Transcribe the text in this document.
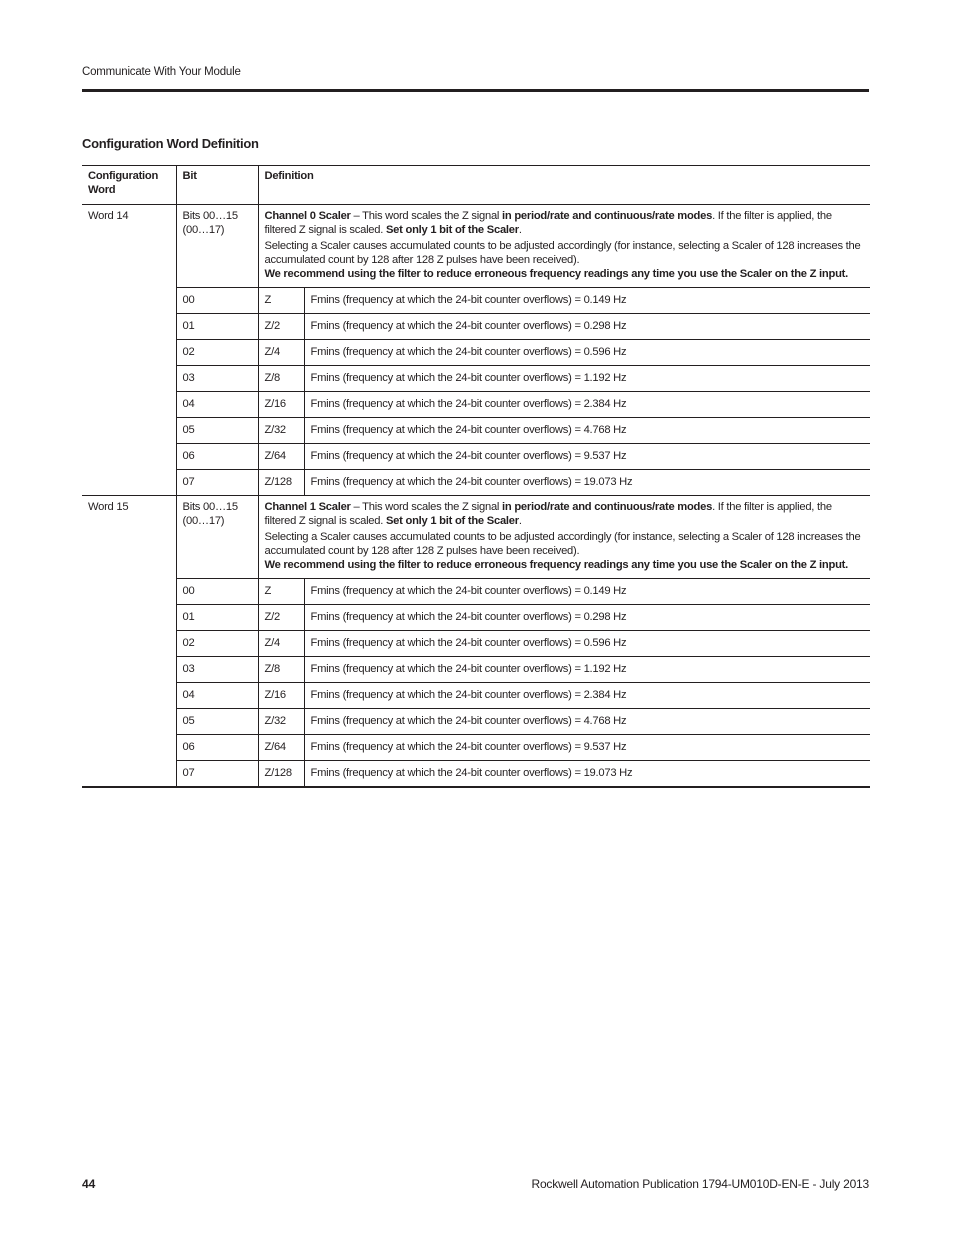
Communicate With Your Module
Configuration Word Definition
Configuration Word	Bit	Definition	
Word 14	Bits 00…15 (00…17)	Channel 0 Scaler – This word scales the Z signal in period/rate and continuous/rate modes. If the filter is applied, the filtered Z signal is scaled. Set only 1 bit of the Scaler.

Selecting a Scaler causes accumulated counts to be adjusted accordingly (for instance, selecting a Scaler of 128 increases the accumulated count by 128 after 128 Z pulses have been received).

We recommend using the filter to reduce erroneous frequency readings any time you use the Scaler on the Z input.	

	00	Z	Fmins (frequency at which the 24-bit counter overflows) = 0.149 Hz
	01	Z/2	Fmins (frequency at which the 24-bit counter overflows) = 0.298 Hz
	02	Z/4	Fmins (frequency at which the 24-bit counter overflows) = 0.596 Hz
	03	Z/8	Fmins (frequency at which the 24-bit counter overflows) = 1.192 Hz
	04	Z/16	Fmins (frequency at which the 24-bit counter overflows) = 2.384 Hz
	05	Z/32	Fmins (frequency at which the 24-bit counter overflows) = 4.768 Hz
	06	Z/64	Fmins (frequency at which the 24-bit counter overflows) = 9.537 Hz
	07	Z/128	Fmins (frequency at which the 24-bit counter overflows) = 19.073 Hz
Word 15	Bits 00…15 (00…17)	Channel 1 Scaler – This word scales the Z signal in period/rate and continuous/rate modes. If the filter is applied, the filtered Z signal is scaled. Set only 1 bit of the Scaler.

Selecting a Scaler causes accumulated counts to be adjusted accordingly (for instance, selecting a Scaler of 128 increases the accumulated count by 128 after 128 Z pulses have been received).

We recommend using the filter to reduce erroneous frequency readings any time you use the Scaler on the Z input.	

	00	Z	Fmins (frequency at which the 24-bit counter overflows) = 0.149 Hz
	01	Z/2	Fmins (frequency at which the 24-bit counter overflows) = 0.298 Hz
	02	Z/4	Fmins (frequency at which the 24-bit counter overflows) = 0.596 Hz
	03	Z/8	Fmins (frequency at which the 24-bit counter overflows) = 1.192 Hz
	04	Z/16	Fmins (frequency at which the 24-bit counter overflows) = 2.384 Hz
	05	Z/32	Fmins (frequency at which the 24-bit counter overflows) = 4.768 Hz
	06	Z/64	Fmins (frequency at which the 24-bit counter overflows) = 9.537 Hz
	07	Z/128	Fmins (frequency at which the 24-bit counter overflows) = 19.073 Hz
44	Rockwell Automation Publication 1794-UM010D-EN-E - July 2013
